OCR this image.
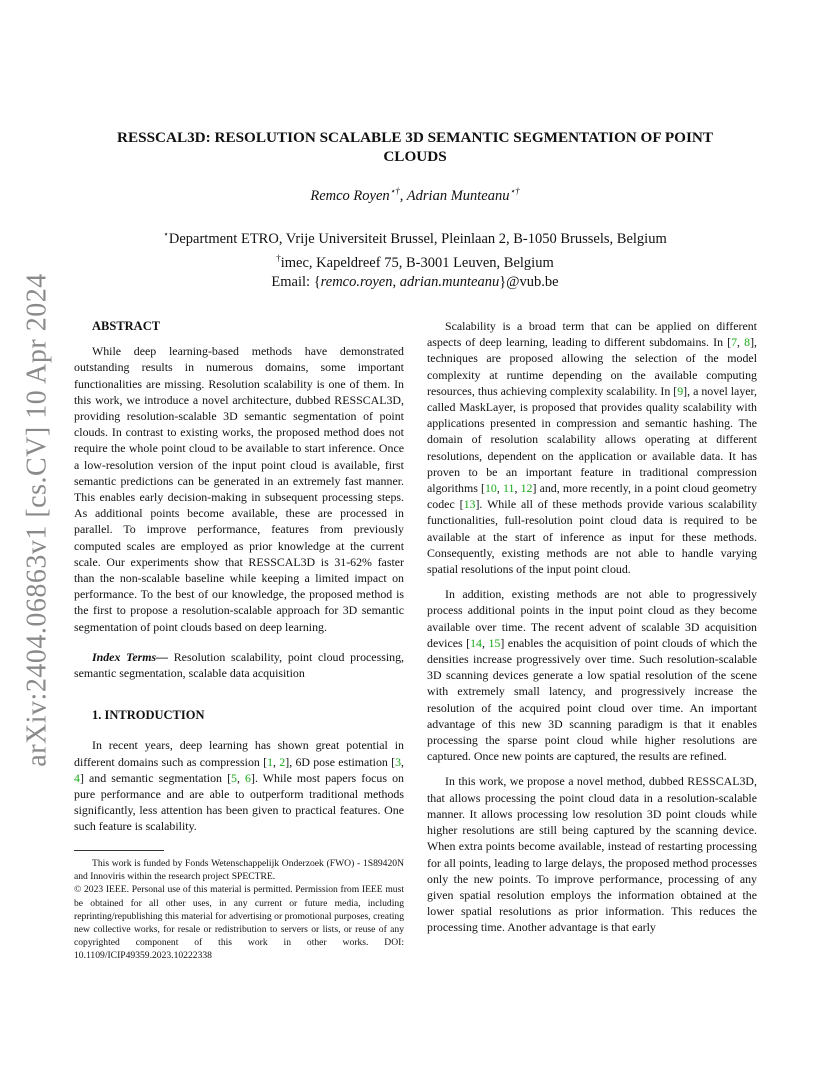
arXiv:2404.06863v1 [cs.CV] 10 Apr 2024
RESSCAL3D: RESOLUTION SCALABLE 3D SEMANTIC SEGMENTATION OF POINT
CLOUDS
Remco Royen⋆†, Adrian Munteanu⋆†
⋆Department ETRO, Vrije Universiteit Brussel, Pleinlaan 2, B-1050 Brussels, Belgium
†imec, Kapeldreef 75, B-3001 Leuven, Belgium
Email: {remco.royen, adrian.munteanu}@vub.be

ABSTRACT

While deep learning-based methods have demonstrated outstanding results in numerous domains, some important functionalities are missing. Resolution scalability is one of them. In this work, we introduce a novel architecture, dubbed RESSCAL3D, providing resolution-scalable 3D semantic segmentation of point clouds. In contrast to existing works, the proposed method does not require the whole point cloud to be available to start inference. Once a low-resolution version of the input point cloud is available, first semantic predictions can be generated in an extremely fast manner. This enables early decision-making in subsequent processing steps. As additional points become available, these are processed in parallel. To improve performance, features from previously computed scales are employed as prior knowledge at the current scale. Our experiments show that RESSCAL3D is 31-62% faster than the non-scalable baseline while keeping a limited impact on performance. To the best of our knowledge, the proposed method is the first to propose a resolution-scalable approach for 3D semantic segmentation of point clouds based on deep learning.

Index Terms— Resolution scalability, point cloud processing, semantic segmentation, scalable data acquisition

1. INTRODUCTION

In recent years, deep learning has shown great potential in different domains such as compression [1, 2], 6D pose estimation [3, 4] and semantic segmentation [5, 6]. While most papers focus on pure performance and are able to outperform traditional methods significantly, less attention has been given to practical features. One such feature is scalability.

This work is funded by Fonds Wetenschappelijk Onderzoek (FWO) - 1S89420N and Innoviris within the research project SPECTRE.

© 2023 IEEE. Personal use of this material is permitted. Permission from IEEE must be obtained for all other uses, in any current or future media, including reprinting/republishing this material for advertising or promotional purposes, creating new collective works, for resale or redistribution to servers or lists, or reuse of any copyrighted component of this work in other works. DOI: 10.1109/ICIP49359.2023.10222338

Scalability is a broad term that can be applied on different aspects of deep learning, leading to different subdomains. In [7, 8], techniques are proposed allowing the selection of the model complexity at runtime depending on the available computing resources, thus achieving complexity scalability. In [9], a novel layer, called MaskLayer, is proposed that provides quality scalability with applications presented in compression and semantic hashing. The domain of resolution scalability allows operating at different resolutions, dependent on the application or available data. It has proven to be an important feature in traditional compression algorithms [10, 11, 12] and, more recently, in a point cloud geometry codec [13]. While all of these methods provide various scalability functionalities, full-resolution point cloud data is required to be available at the start of inference as input for these methods. Consequently, existing methods are not able to handle varying spatial resolutions of the input point cloud.

In addition, existing methods are not able to progressively process additional points in the input point cloud as they become available over time. The recent advent of scalable 3D acquisition devices [14, 15] enables the acquisition of point clouds of which the densities increase progressively over time. Such resolution-scalable 3D scanning devices generate a low spatial resolution of the scene with extremely small latency, and progressively increase the resolution of the acquired point cloud over time. An important advantage of this new 3D scanning paradigm is that it enables processing the sparse point cloud while higher resolutions are captured. Once new points are captured, the results are refined.

In this work, we propose a novel method, dubbed RESSCAL3D, that allows processing the point cloud data in a resolution-scalable manner. It allows processing low resolution 3D point clouds while higher resolutions are still being captured by the scanning device. When extra points become available, instead of restarting processing for all points, leading to large delays, the proposed method processes only the new points. To improve performance, processing of any given spatial resolution employs the information obtained at the lower spatial resolutions as prior information. This reduces the processing time. Another advantage is that early
